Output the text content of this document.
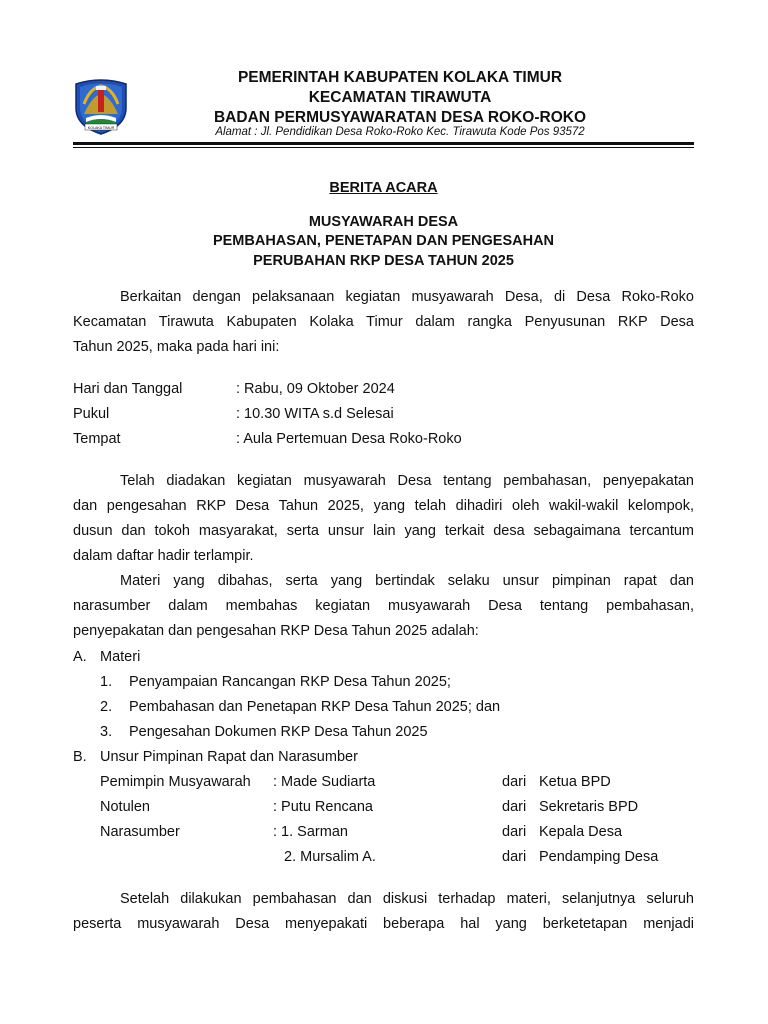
KOLAKA TIMUR
PEMERINTAH KABUPATEN KOLAKA TIMUR
KECAMATAN TIRAWUTA
BADAN PERMUSYAWARATAN DESA ROKO-ROKO
Alamat : Jl. Pendidikan Desa Roko-Roko Kec. Tirawuta Kode Pos 93572
BERITA ACARA
MUSYAWARAH DESA
PEMBAHASAN, PENETAPAN DAN PENGESAHAN
PERUBAHAN RKP DESA TAHUN 2025
Berkaitan dengan pelaksanaan kegiatan musyawarah Desa, di Desa Roko-Roko
Kecamatan Tirawuta Kabupaten Kolaka Timur dalam rangka Penyusunan RKP Desa
Tahun 2025, maka pada hari ini:
Hari dan Tanggal	: Rabu, 09 Oktober 2024
Pukul	: 10.30 WITA s.d Selesai
Tempat	: Aula Pertemuan Desa Roko-Roko
Telah diadakan kegiatan musyawarah Desa tentang pembahasan, penyepakatan
dan pengesahan RKP Desa Tahun 2025, yang telah dihadiri oleh wakil-wakil kelompok,
dusun dan tokoh masyarakat, serta unsur lain yang terkait desa sebagaimana tercantum
dalam daftar hadir terlampir.
Materi yang dibahas, serta yang bertindak selaku unsur pimpinan rapat dan
narasumber dalam membahas kegiatan musyawarah Desa tentang pembahasan,
penyepakatan dan pengesahan RKP Desa Tahun 2025 adalah:
A. Materi
1. Penyampaian Rancangan RKP Desa Tahun 2025;
2. Pembahasan dan Penetapan RKP Desa Tahun 2025; dan
3. Pengesahan Dokumen RKP Desa Tahun 2025
B. Unsur Pimpinan Rapat dan Narasumber
Pemimpin Musyawarah : Made Sudiarta	dari Ketua BPD
Notulen	: Putu Rencana	dari Sekretaris BPD
Narasumber	: 1. Sarman	dari Kepala Desa
2. Mursalim A.	dari Pendamping Desa
Setelah dilakukan pembahasan dan diskusi terhadap materi, selanjutnya seluruh
peserta musyawarah Desa menyepakati beberapa hal yang berketetapan menjadi
